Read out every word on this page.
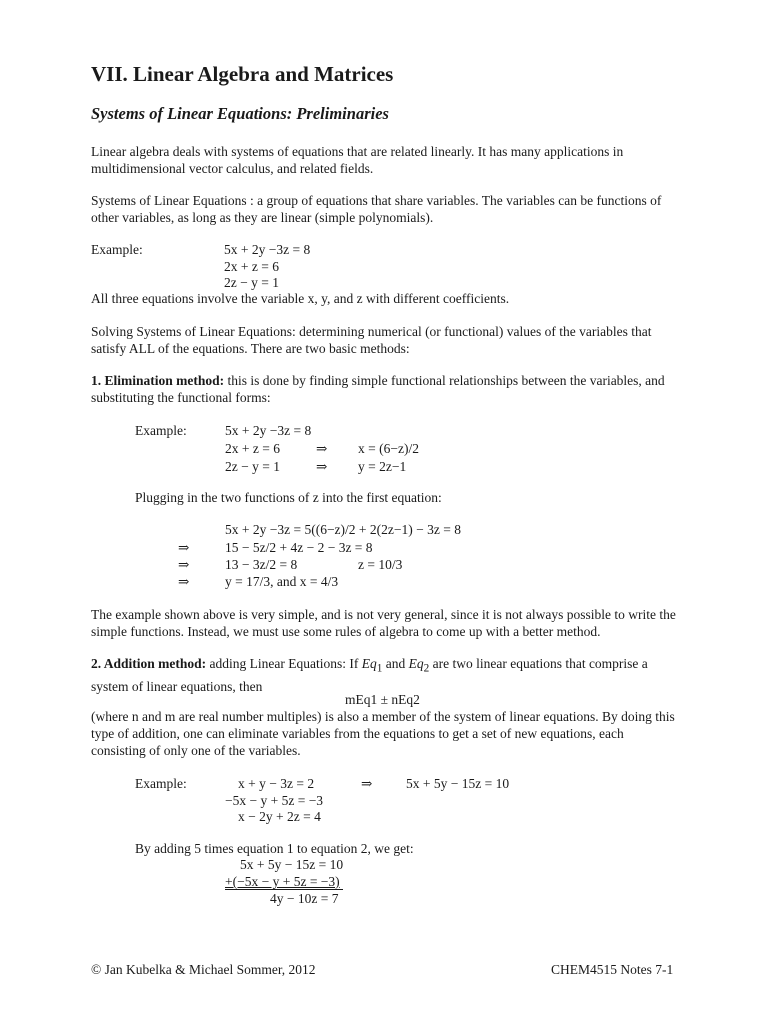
VII. Linear Algebra and Matrices
Systems of Linear Equations: Preliminaries

Linear algebra deals with systems of equations that are related linearly. It has many applications in multidimensional vector calculus, and related fields.

Systems of Linear Equations : a group of equations that share variables. The variables can be functions of other variables, as long as they are linear (simple polynomials).

Example:	5x + 2y −3z = 8
2x + z = 6
2z − y = 1

All three equations involve the variable x, y, and z with different coefficients.

Solving Systems of Linear Equations: determining numerical (or functional) values of the variables that satisfy ALL of the equations. There are two basic methods:

1. Elimination method: this is done by finding simple functional relationships between the variables, and substituting the functional forms:

Example:	5x + 2y −3z = 8
2x + z = 6	⇒ x = (6−z)/2
2z − y = 1	⇒ y = 2z−1
Plugging in the two functions of z into the first equation:
5x + 2y −3z = 5((6−z)/2 + 2(2z−1) − 3z = 8
⇒	15 − 5z/2 + 4z − 2 − 3z = 8
⇒	13 − 3z/2 = 8	z = 10/3
⇒	y = 17/3, and x = 4/3

The example shown above is very simple, and is not very general, since it is not always possible to write the simple functions. Instead, we must use some rules of algebra to come up with a better method.

2. Addition method: adding Linear Equations: If $Eq_1$ and $Eq_2$ are two linear equations that comprise a system of linear equations, then

mEq1 ± nEq2

(where n and m are real number multiples) is also a member of the system of linear equations. By doing this type of addition, one can eliminate variables from the equations to get a set of new equations, each consisting of only one of the variables.

Example:	x + y − 3z = 2	⇒ 5x + 5y − 15z = 10
−5x − y + 5z = −3
x − 2y + 2z = 4
By adding 5 times equation 1 to equation 2, we get:
5x + 5y − 15z = 10
+(−5x − y + 5z = −3)
4y − 10z = 7
© Jan Kubelka & Michael Sommer, 2012	CHEM4515 Notes 7-1
